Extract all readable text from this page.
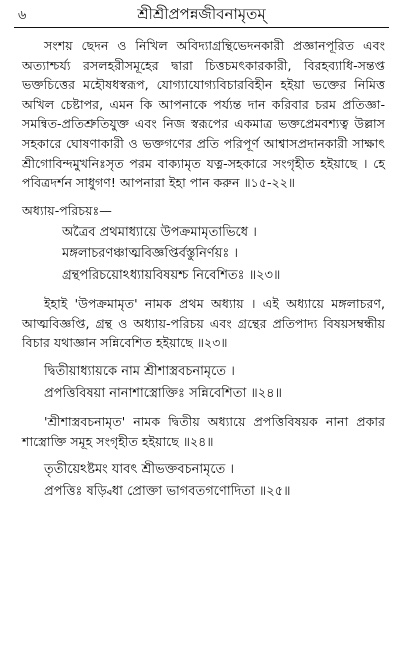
৬	শ্রীশ্রীপ্রপন্নজীবনামৃতম্

সংশয় ছেদন ও নিখিল অবিদ্যাগ্রন্থিভেদনকারী প্রজ্ঞানপূরিত এবং অত্যাশ্চর্য্য রসলহরীসমূহের দ্বারা চিত্তচমৎকারকারী, বিরহব্যাধি-সন্তপ্ত ভক্তচিত্তের মহৌষধস্বরূপ, যোগ্যাযোগ্যবিচারবিহীন হইয়া ভক্তের নিমিত্ত অখিল চেষ্টাপর, এমন কি আপনাকে পর্য্যন্ত দান করিবার চরম প্রতিজ্ঞা-সমন্বিত-প্রতিশ্রুতিযুক্ত এবং নিজ স্বরূপের একমাত্র ভক্তপ্রেমবশ্যত্ব উল্লাস সহকারে ঘোষণাকারী ও ভক্তগণের প্রতি পরিপূর্ণ আশ্বাসপ্রদানকারী সাক্ষাৎ শ্রীগোবিন্দমুখনিঃসৃত পরম বাক্যামৃত যত্ন-সহকারে সংগৃহীত হইয়াছে । হে পবিত্রদর্শন সাধুগণ! আপনারা ইহা পান করুন ॥১৫-২২॥

অধ্যায়-পরিচয়ঃ—
অত্রৈব প্রথমাধ্যায়ে উপক্রমামৃতাভিধে ।
মঙ্গলাচরণঞ্চাত্মবিজ্ঞপ্তির্বস্তুনির্ণয়ঃ ।
গ্রন্থপরিচয়োঽধ্যায়বিষয়শ্চ নিবেশিতঃ ॥২৩॥

ইহাই 'উপক্রমামৃত' নামক প্রথম অধ্যায় । এই অধ্যায়ে মঙ্গলাচরণ, আত্মবিজ্ঞপ্তি, গ্রন্থ ও অধ্যায়-পরিচয় এবং গ্রন্থের প্রতিপাদ্য বিষয়সম্বন্ধীয় বিচার যথাজ্ঞান সন্নিবেশিত হইয়াছে ॥২৩॥

দ্বিতীয়াধ্যায়কে নাম শ্রীশাস্ত্রবচনামৃতে ।
প্রপত্তিবিষয়া নানাশাস্ত্রোক্তিঃ সন্নিবেশিতা ॥২৪॥

'শ্রীশাস্ত্রবচনামৃত' নামক দ্বিতীয় অধ্যায়ে প্রপত্তিবিষয়ক নানা প্রকার শাস্ত্রোক্তি সমূহ সংগৃহীত হইয়াছে ॥২৪॥

তৃতীয়েঽষ্টমং যাবৎ শ্রীভক্তবচনামৃতে ।
প্রপত্তিঃ ষড়্বিধা প্রোক্তা ভাগবতগণোদিতা ॥২৫॥
